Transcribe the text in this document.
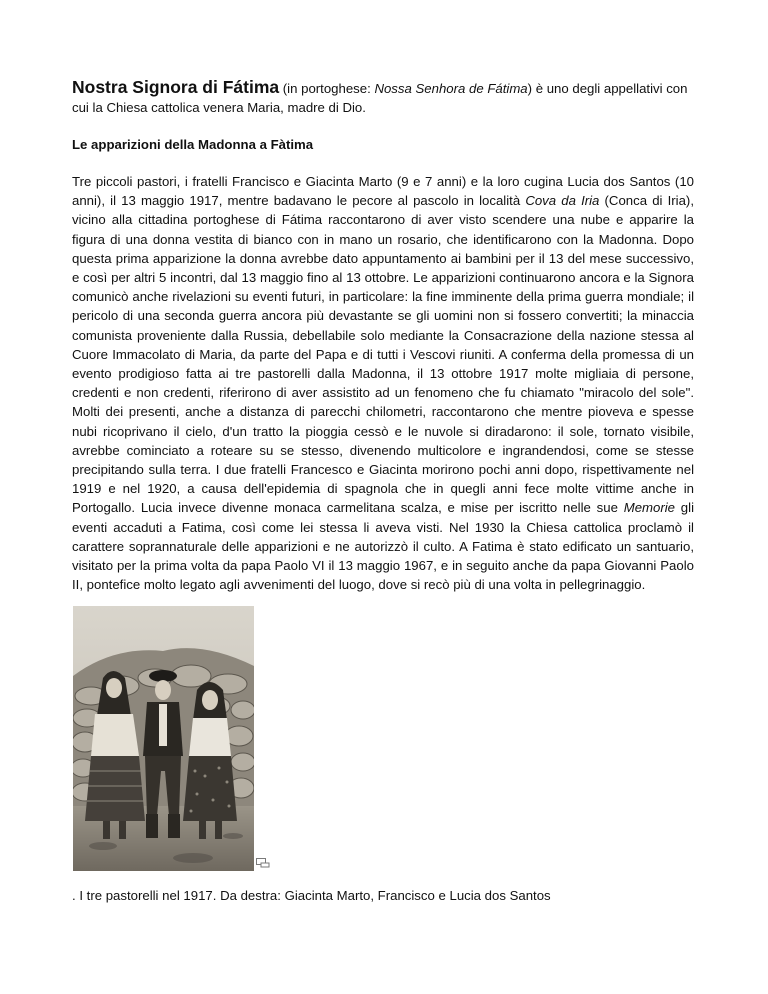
Nostra Signora di Fátima (in portoghese: Nossa Senhora de Fátima) è uno degli appellativi con cui la Chiesa cattolica venera Maria, madre di Dio.

Le apparizioni della Madonna a Fàtima

Tre piccoli pastori, i fratelli Francisco e Giacinta Marto (9 e 7 anni) e la loro cugina Lucia dos Santos (10 anni), il 13 maggio 1917, mentre badavano le pecore al pascolo in località Cova da Iria (Conca di Iria), vicino alla cittadina portoghese di Fátima raccontarono di aver visto scendere una nube e apparire la figura di una donna vestita di bianco con in mano un rosario, che identificarono con la Madonna. Dopo questa prima apparizione la donna avrebbe dato appuntamento ai bambini per il 13 del mese successivo, e così per altri 5 incontri, dal 13 maggio fino al 13 ottobre. Le apparizioni continuarono ancora e la Signora comunicò anche rivelazioni su eventi futuri, in particolare: la fine imminente della prima guerra mondiale; il pericolo di una seconda guerra ancora più devastante se gli uomini non si fossero convertiti; la minaccia comunista proveniente dalla Russia, debellabile solo mediante la Consacrazione della nazione stessa al Cuore Immacolato di Maria, da parte del Papa e di tutti i Vescovi riuniti. A conferma della promessa di un evento prodigioso fatta ai tre pastorelli dalla Madonna, il 13 ottobre 1917 molte migliaia di persone, credenti e non credenti, riferirono di aver assistito ad un fenomeno che fu chiamato "miracolo del sole". Molti dei presenti, anche a distanza di parecchi chilometri, raccontarono che mentre pioveva e spesse nubi ricoprivano il cielo, d'un tratto la pioggia cessò e le nuvole si diradarono: il sole, tornato visibile, avrebbe cominciato a roteare su se stesso, divenendo multicolore e ingrandendosi, come se stesse precipitando sulla terra. I due fratelli Francesco e Giacinta morirono pochi anni dopo, rispettivamente nel 1919 e nel 1920, a causa dell'epidemia di spagnola che in quegli anni fece molte vittime anche in Portogallo. Lucia invece divenne monaca carmelitana scalza, e mise per iscritto nelle sue Memorie gli eventi accaduti a Fatima, così come lei stessa li aveva visti. Nel 1930 la Chiesa cattolica proclamò il carattere soprannaturale delle apparizioni e ne autorizzò il culto. A Fatima è stato edificato un santuario, visitato per la prima volta da papa Paolo VI il 13 maggio 1967, e in seguito anche da papa Giovanni Paolo II, pontefice molto legato agli avvenimenti del luogo, dove si recò più di una volta in pellegrinaggio.

. I tre pastorelli nel 1917. Da destra: Giacinta Marto, Francisco e Lucia dos Santos
